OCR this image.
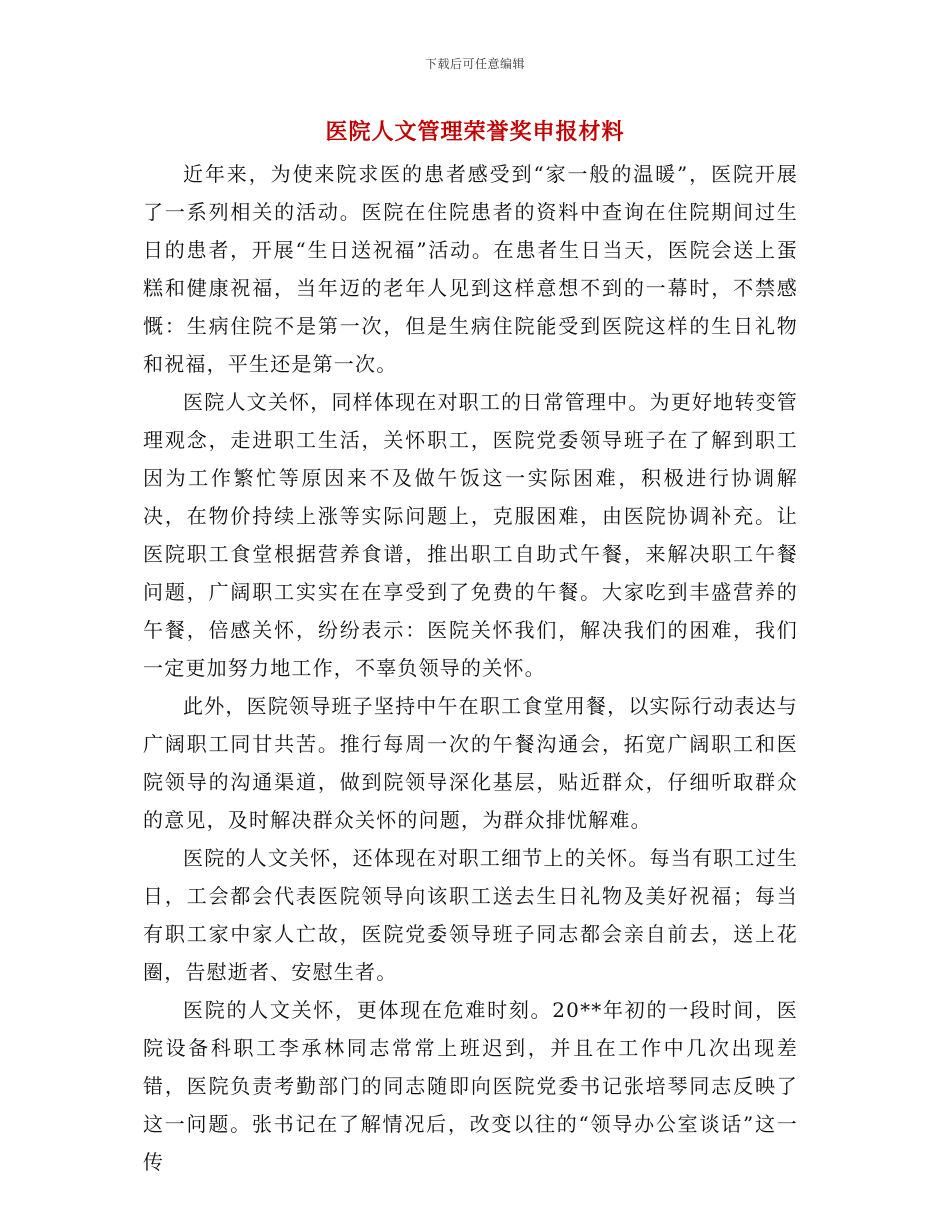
下载后可任意编辑
医院人文管理荣誉奖申报材料

近年来，为使来院求医的患者感受到“家一般的温暖”，医院开展了一系列相关的活动。医院在住院患者的资料中查询在住院期间过生日的患者，开展“生日送祝福”活动。在患者生日当天，医院会送上蛋糕和健康祝福，当年迈的老年人见到这样意想不到的一幕时，不禁感慨：生病住院不是第一次，但是生病住院能受到医院这样的生日礼物和祝福，平生还是第一次。

医院人文关怀，同样体现在对职工的日常管理中。为更好地转变管理观念，走进职工生活，关怀职工，医院党委领导班子在了解到职工因为工作繁忙等原因来不及做午饭这一实际困难，积极进行协调解决，在物价持续上涨等实际问题上，克服困难，由医院协调补充。让医院职工食堂根据营养食谱，推出职工自助式午餐，来解决职工午餐问题，广阔职工实实在在享受到了免费的午餐。大家吃到丰盛营养的午餐，倍感关怀，纷纷表示：医院关怀我们，解决我们的困难，我们一定更加努力地工作，不辜负领导的关怀。

此外，医院领导班子坚持中午在职工食堂用餐，以实际行动表达与广阔职工同甘共苦。推行每周一次的午餐沟通会，拓宽广阔职工和医院领导的沟通渠道，做到院领导深化基层，贴近群众，仔细听取群众的意见，及时解决群众关怀的问题，为群众排忧解难。

医院的人文关怀，还体现在对职工细节上的关怀。每当有职工过生日，工会都会代表医院领导向该职工送去生日礼物及美好祝福；每当有职工家中家人亡故，医院党委领导班子同志都会亲自前去，送上花圈，告慰逝者、安慰生者。

医院的人文关怀，更体现在危难时刻。20**年初的一段时间，医院设备科职工李承林同志常常上班迟到，并且在工作中几次出现差错，医院负责考勤部门的同志随即向医院党委书记张培琴同志反映了这一问题。张书记在了解情况后，改变以往的“领导办公室谈话”这一传
